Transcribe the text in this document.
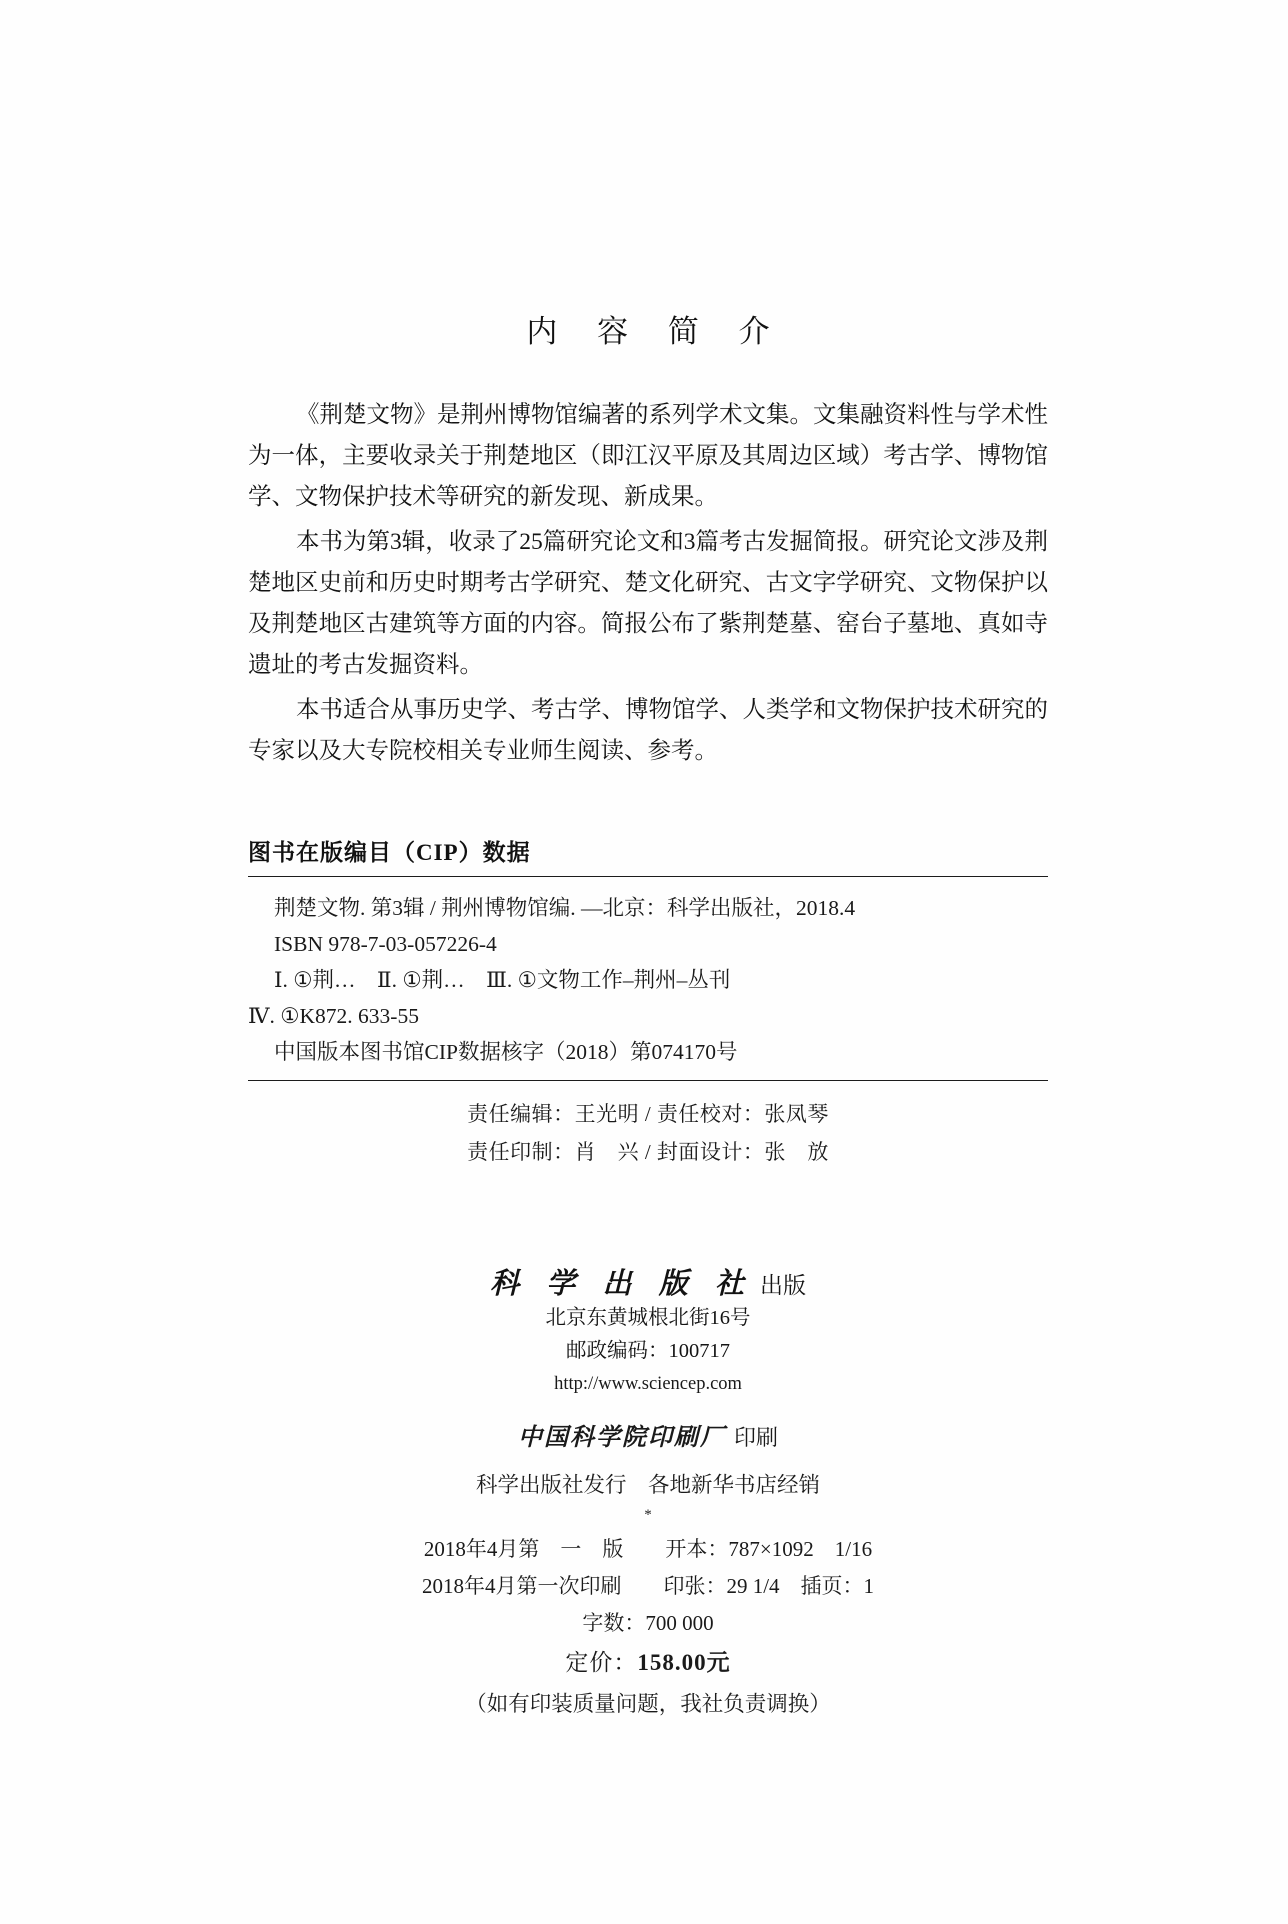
内 容 简 介

《荆楚文物》是荆州博物馆编著的系列学术文集。文集融资料性与学术性为一体，主要收录关于荆楚地区（即江汉平原及其周边区域）考古学、博物馆学、文物保护技术等研究的新发现、新成果。

本书为第3辑，收录了25篇研究论文和3篇考古发掘简报。研究论文涉及荆楚地区史前和历史时期考古学研究、楚文化研究、古文字学研究、文物保护以及荆楚地区古建筑等方面的内容。简报公布了紫荆楚墓、窑台子墓地、真如寺遗址的考古发掘资料。

本书适合从事历史学、考古学、博物馆学、人类学和文物保护技术研究的专家以及大专院校相关专业师生阅读、参考。

图书在版编目（CIP）数据
荆楚文物. 第3辑 / 荆州博物馆编. —北京：科学出版社，2018.4
ISBN 978-7-03-057226-4
Ⅰ. ①荆…　Ⅱ. ①荆…　Ⅲ. ①文物工作–荆州–丛刊
Ⅳ. ①K872. 633-55
中国版本图书馆CIP数据核字（2018）第074170号
责任编辑：王光明 / 责任校对：张凤琴
责任印制：肖　兴 / 封面设计：张　放
科 学 出 版 社 出版
北京东黄城根北街16号
邮政编码：100717
http://www.sciencep.com
中国科学院印刷厂 印刷
科学出版社发行　各地新华书店经销
*
2018年4月第　一　版　　开本：787×1092　1/16
2018年4月第一次印刷　　印张：29 1/4　插页：1
字数：700 000
定价：158.00元
（如有印装质量问题，我社负责调换）
